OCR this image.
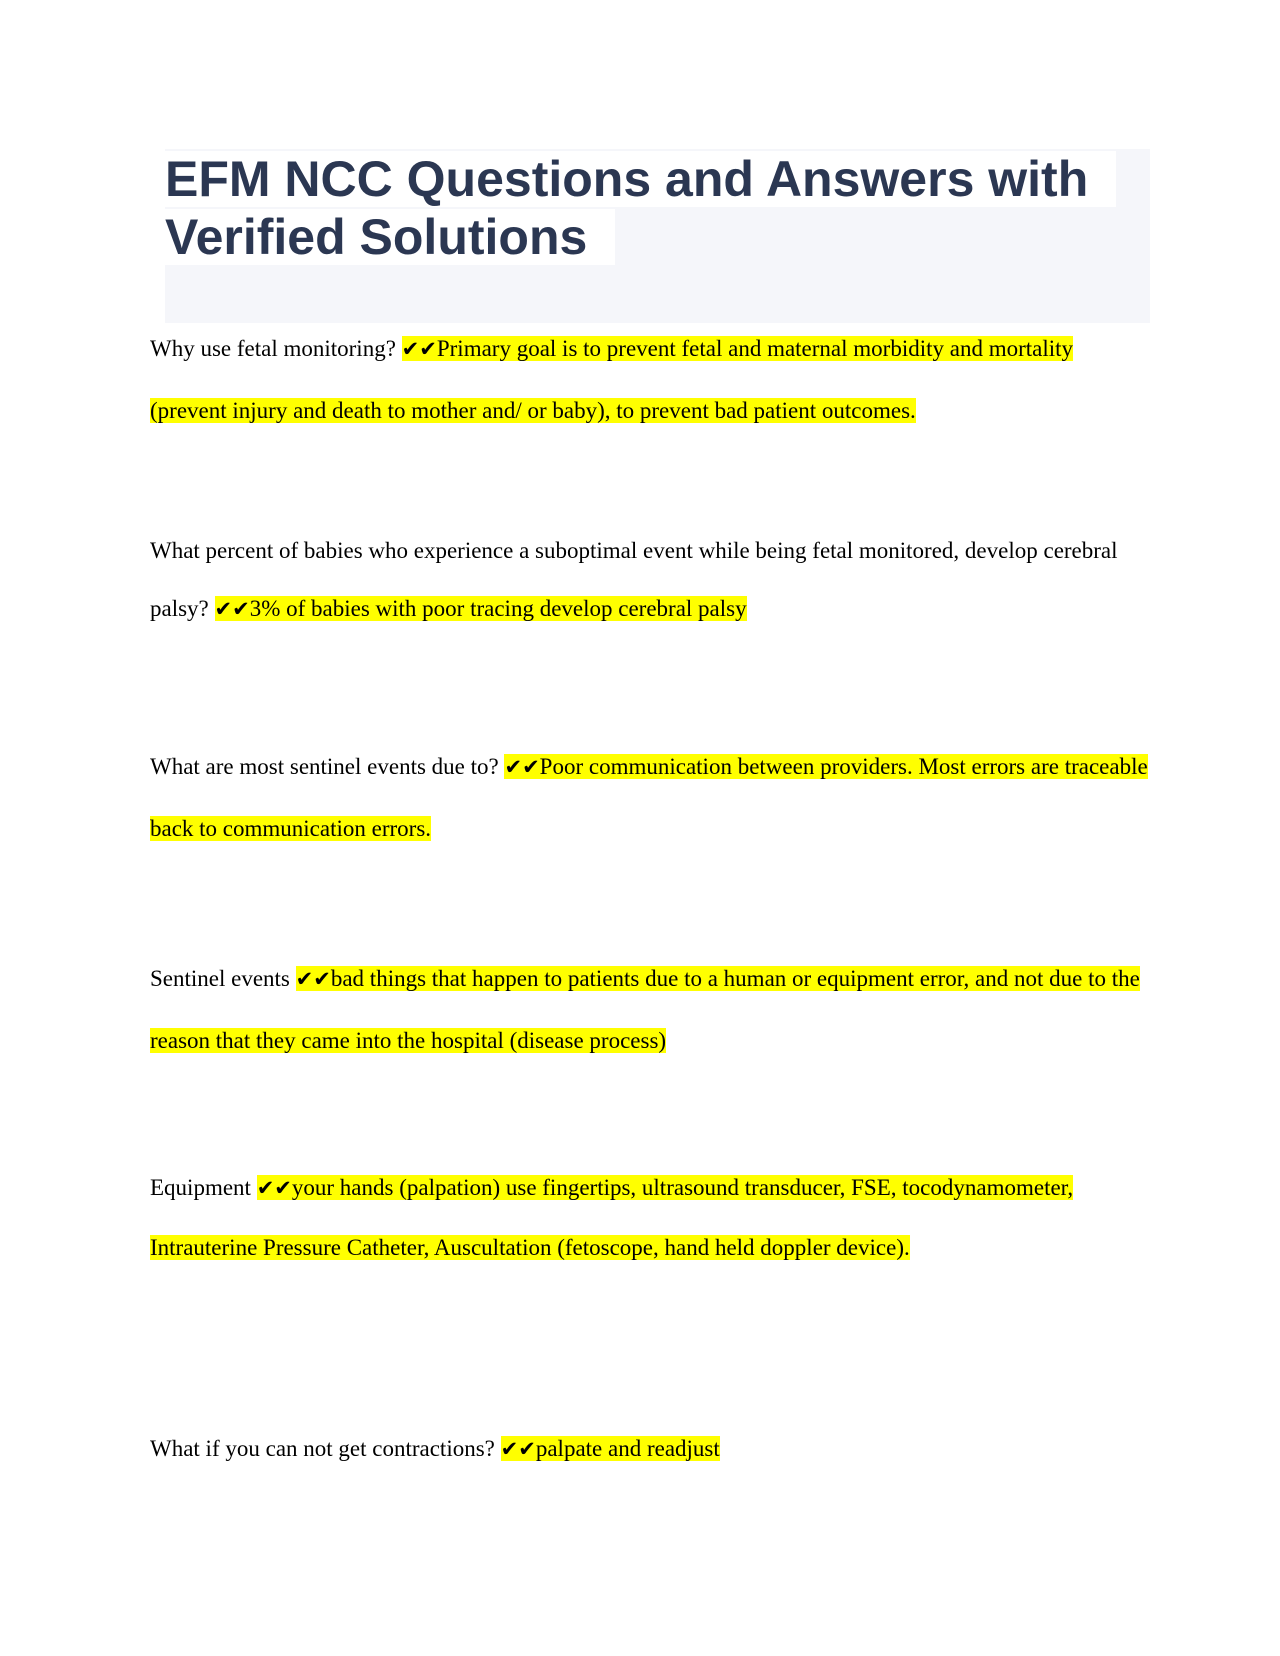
EFM NCC Questions and Answers with Verified Solutions

Why use fetal monitoring? ✔✔Primary goal is to prevent fetal and maternal morbidity and mortality (prevent injury and death to mother and/ or baby), to prevent bad patient outcomes.

What percent of babies who experience a suboptimal event while being fetal monitored, develop cerebral palsy? ✔✔3% of babies with poor tracing develop cerebral palsy

What are most sentinel events due to? ✔✔Poor communication between providers. Most errors are traceable back to communication errors.

Sentinel events ✔✔bad things that happen to patients due to a human or equipment error, and not due to the reason that they came into the hospital (disease process)

Equipment ✔✔your hands (palpation) use fingertips, ultrasound transducer, FSE, tocodynamometer, Intrauterine Pressure Catheter, Auscultation (fetoscope, hand held doppler device).

What if you can not get contractions? ✔✔palpate and readjust
